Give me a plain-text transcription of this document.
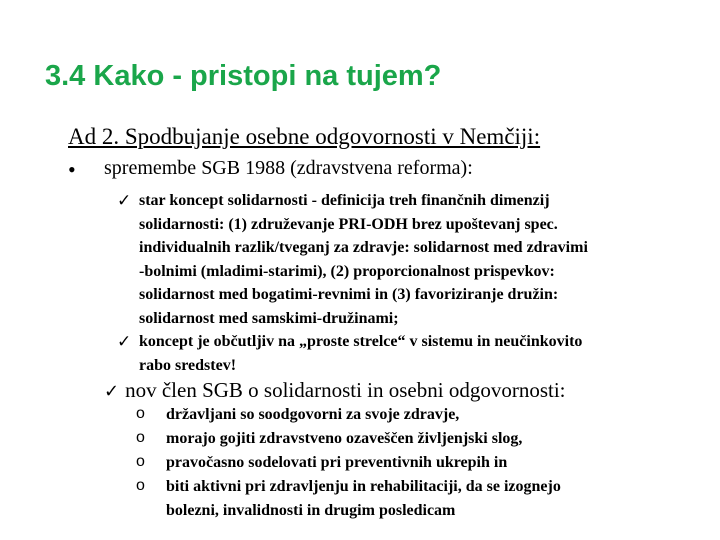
3.4 Kako - pristopi na tujem?
Ad 2. Spodbujanje osebne odgovornosti v Nemčiji:
• spremembe SGB 1988 (zdravstvena reforma):
✓ star koncept solidarnosti - definicija treh finančnih dimenzij
solidarnosti: (1) združevanje PRI-ODH brez upoštevanj spec.
individualnih razlik/tveganj za zdravje: solidarnost med zdravimi
-bolnimi (mladimi-starimi), (2) proporcionalnost prispevkov:
solidarnost med bogatimi-revnimi in (3) favoriziranje družin:
solidarnost med samskimi-družinami;
✓ koncept je občutljiv na „proste strelce“ v sistemu in neučinkovito
rabo sredstev!
✓ nov člen SGB o solidarnosti in osebni odgovornosti:
o državljani so soodgovorni za svoje zdravje,
o morajo gojiti zdravstveno ozaveščen življenjski slog,
o pravočasno sodelovati pri preventivnih ukrepih in
o biti aktivni pri zdravljenju in rehabilitaciji, da se izognejo
bolezni, invalidnosti in drugim posledicam
